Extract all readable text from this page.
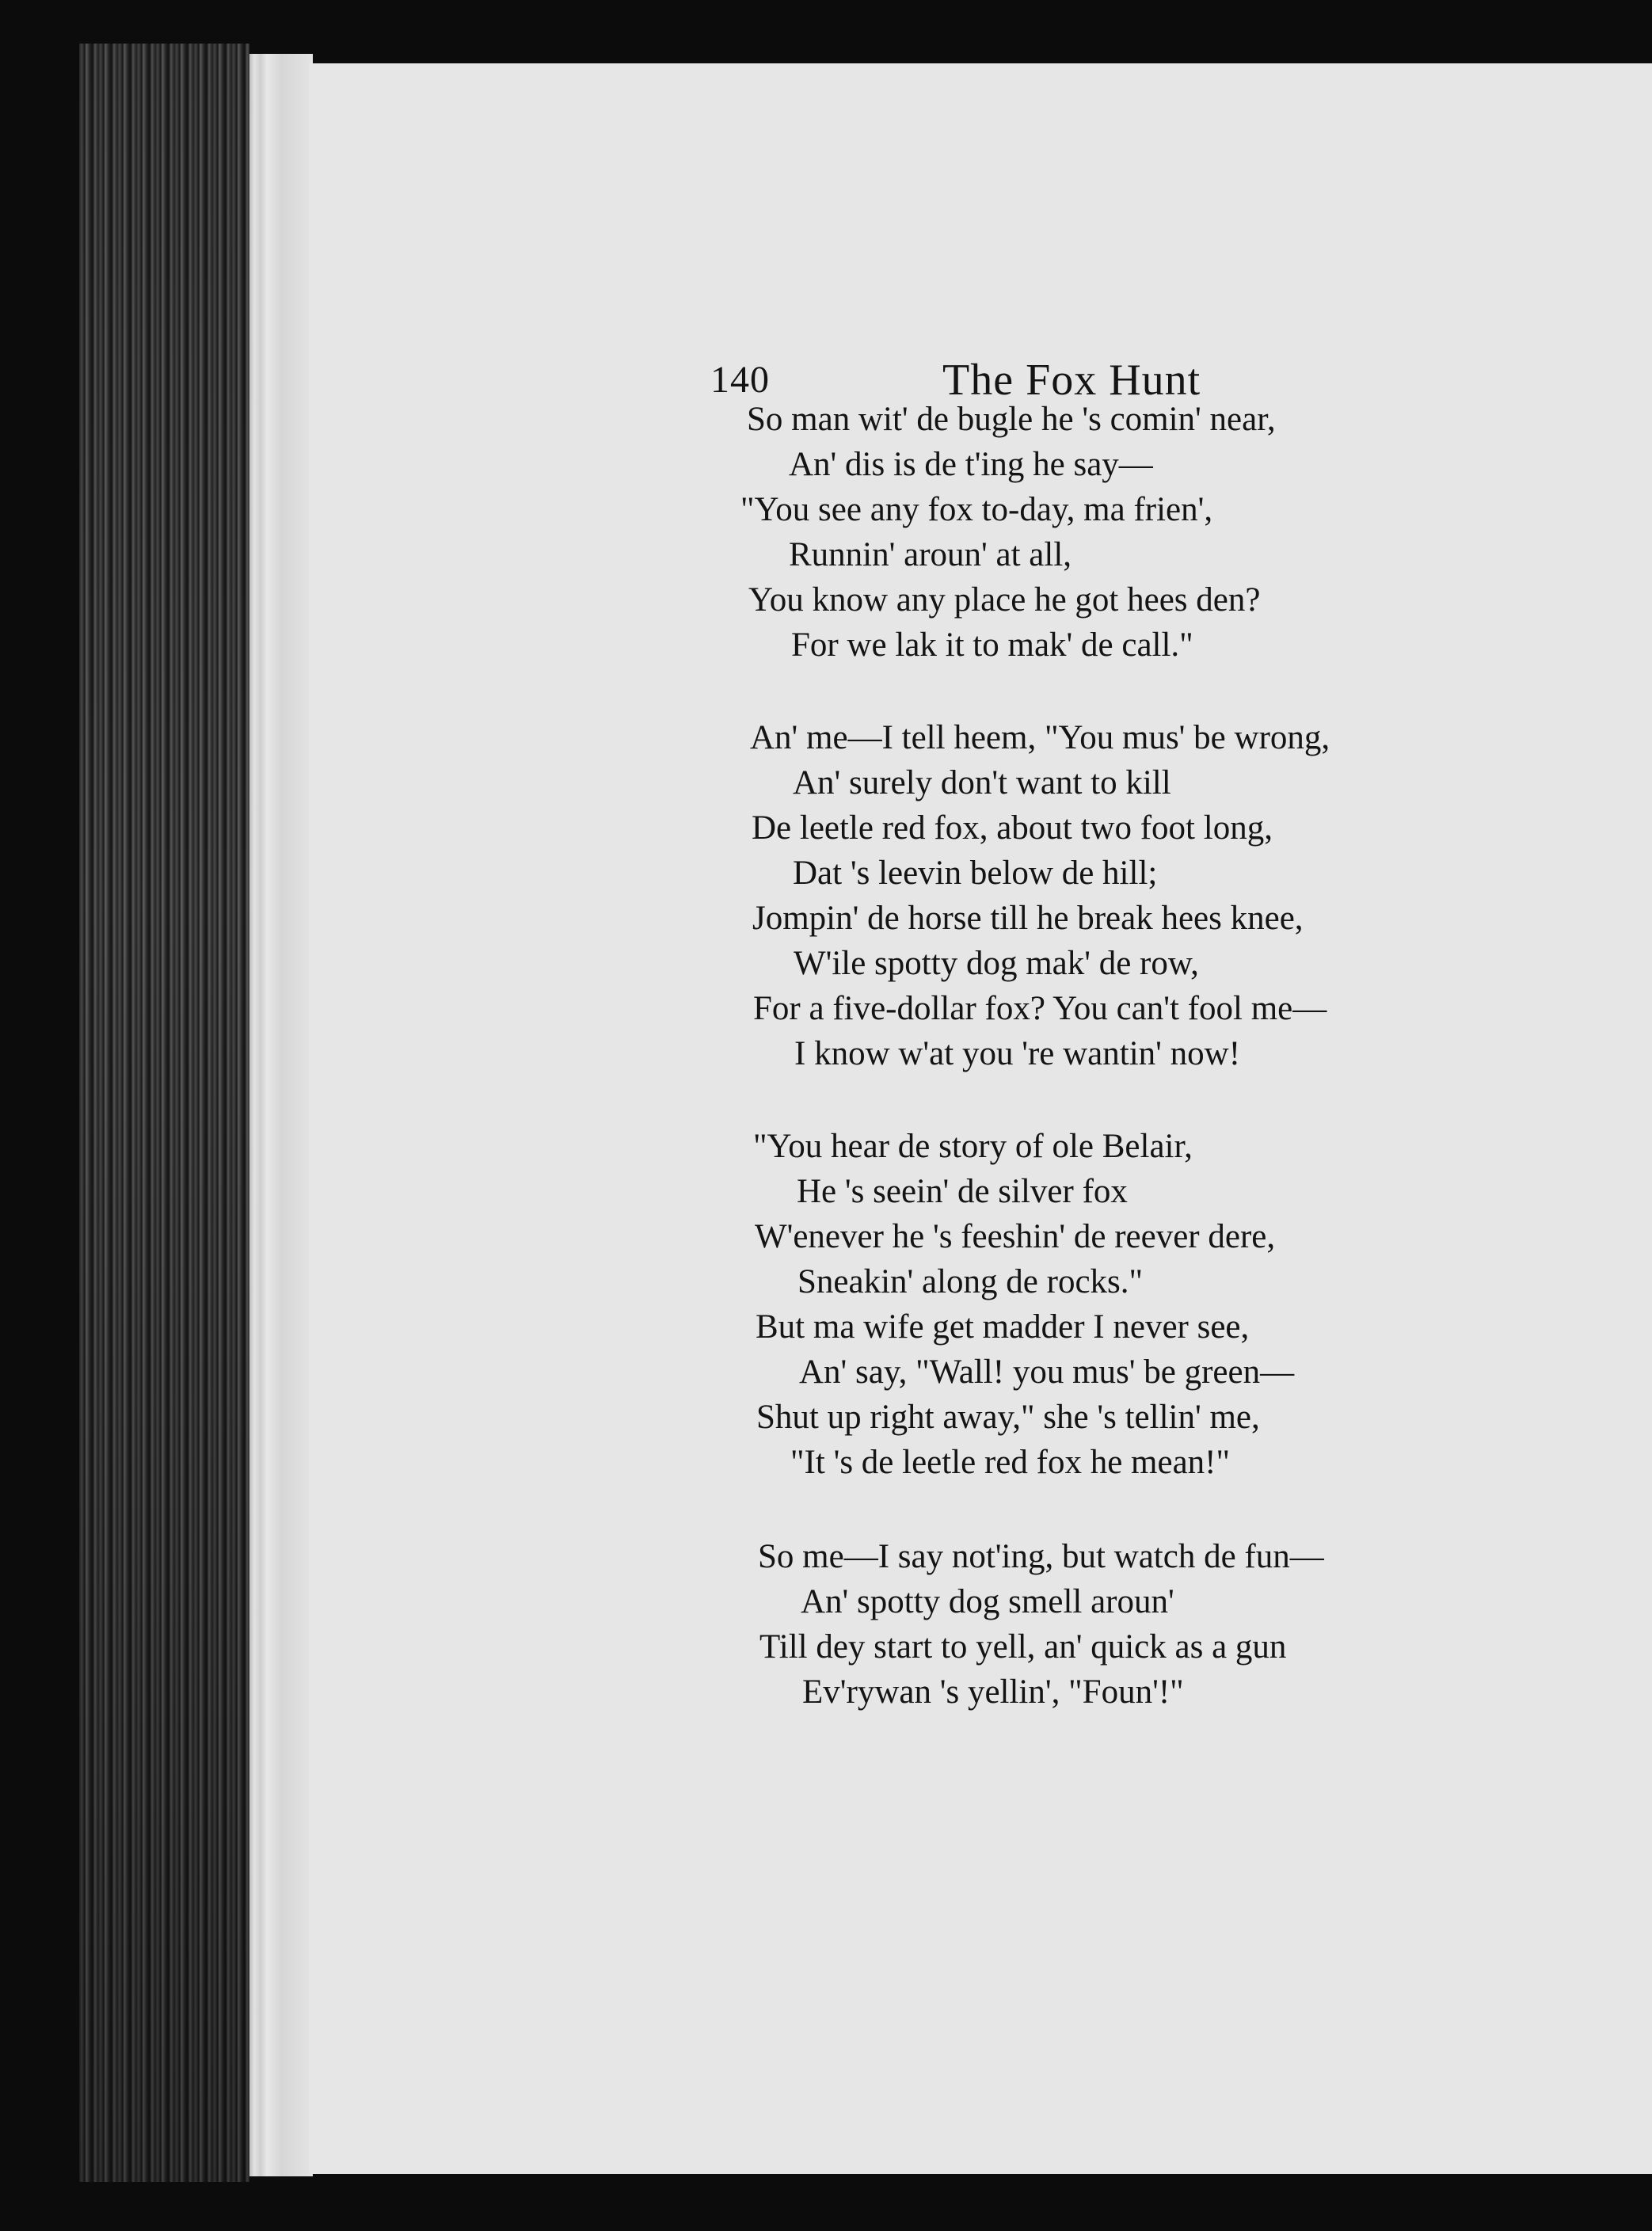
140	The Fox Hunt
So man wit' de bugle he 's comin' near,
An' dis is de t'ing he say—
"You see any fox to-day, ma frien',
Runnin' aroun' at all,
You know any place he got hees den?
For we lak it to mak' de call."
An' me—I tell heem, "You mus' be wrong,
An' surely don't want to kill
De leetle red fox, about two foot long,
Dat 's leevin below de hill;
Jompin' de horse till he break hees knee,
W'ile spotty dog mak' de row,
For a five-dollar fox? You can't fool me—
I know w'at you 're wantin' now!
"You hear de story of ole Belair,
He 's seein' de silver fox
W'enever he 's feeshin' de reever dere,
Sneakin' along de rocks."
But ma wife get madder I never see,
An' say, "Wall! you mus' be green—
Shut up right away," she 's tellin' me,
"It 's de leetle red fox he mean!"
So me—I say not'ing, but watch de fun—
An' spotty dog smell aroun'
Till dey start to yell, an' quick as a gun
Ev'rywan 's yellin', "Foun'!"
